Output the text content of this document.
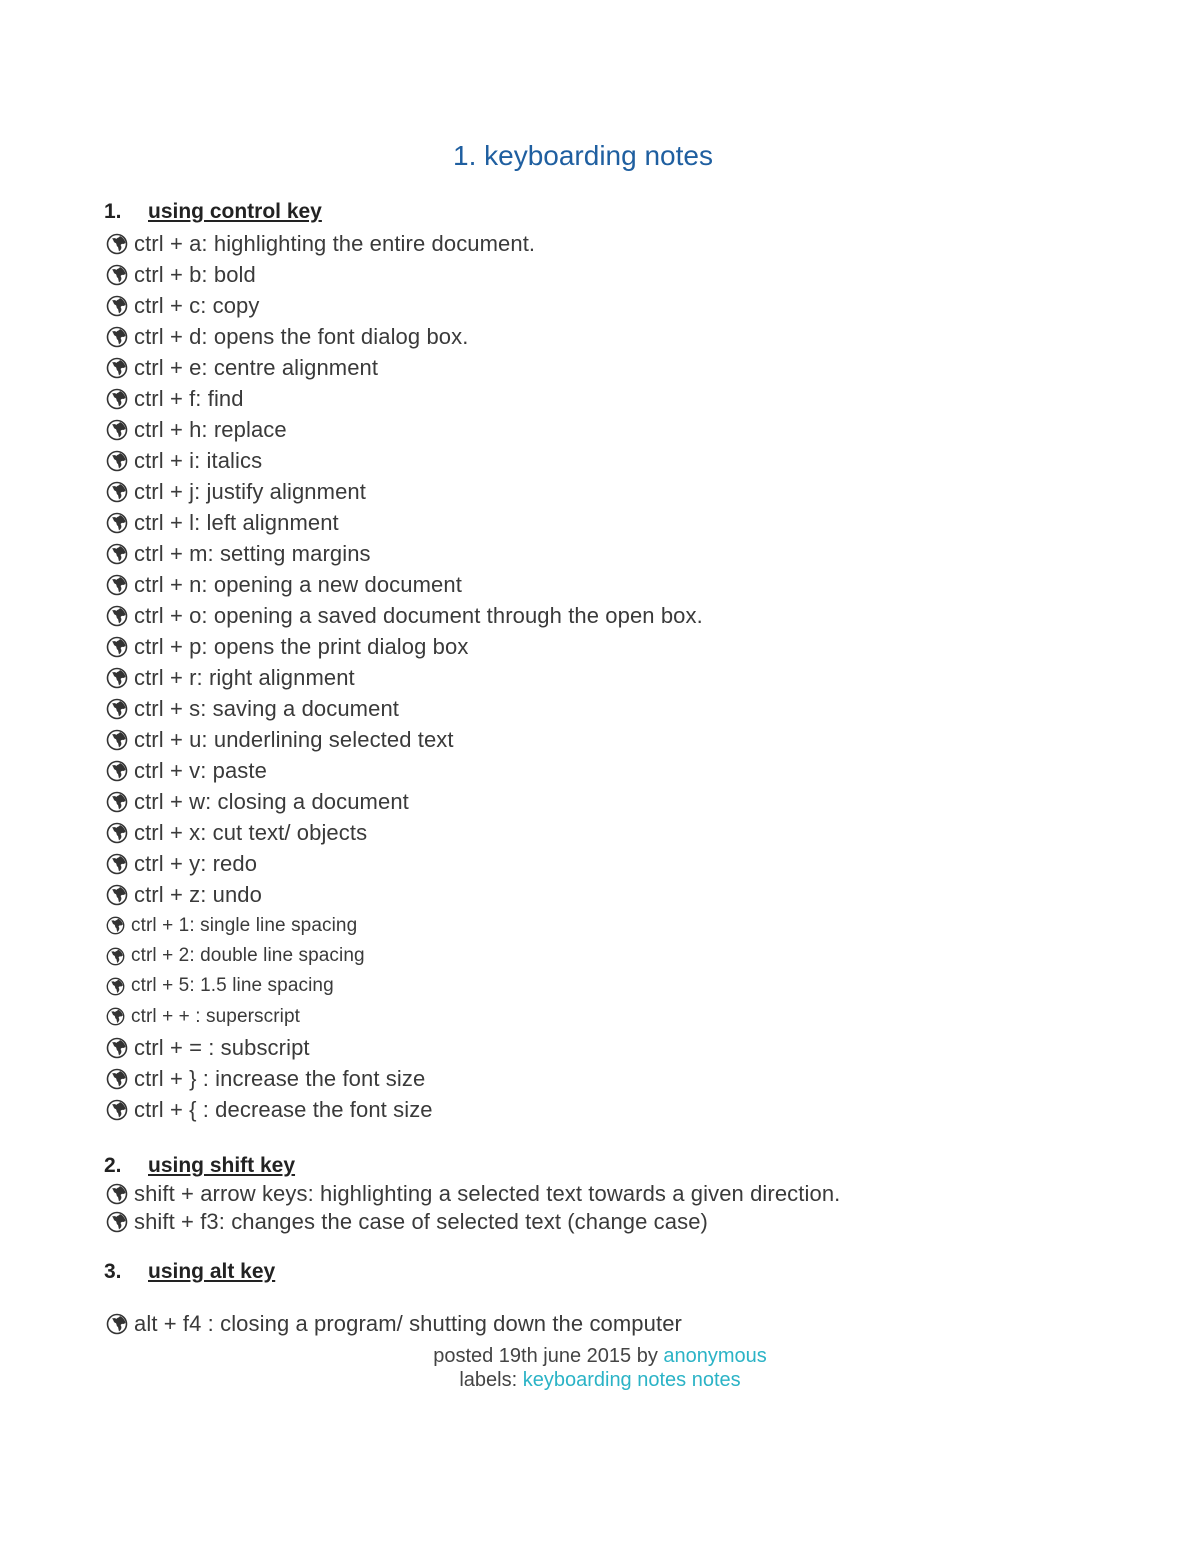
1. keyboarding notes
1.	using control key
ctrl + a: highlighting the entire document.
ctrl + b: bold
ctrl + c: copy
ctrl + d: opens the font dialog box.
ctrl + e: centre alignment
ctrl + f: find
ctrl + h: replace
ctrl + i: italics
ctrl + j: justify alignment
ctrl + l: left alignment
ctrl + m: setting margins
ctrl + n: opening a new document
ctrl + o: opening a saved document through the open box.
ctrl + p: opens the print dialog box
ctrl + r: right alignment
ctrl + s: saving a document
ctrl + u: underlining selected text
ctrl + v: paste
ctrl + w: closing a document
ctrl + x: cut text/ objects
ctrl + y: redo
ctrl + z: undo
ctrl + 1: single line spacing
ctrl + 2: double line spacing
ctrl + 5: 1.5 line spacing
ctrl + + : superscript
ctrl + = : subscript
ctrl + } : increase the font size
ctrl + { : decrease the font size
2.	using shift key
shift + arrow keys: highlighting a selected text towards a given direction.
shift + f3: changes the case of selected text (change case)
3.	using alt key
alt + f4 : closing a program/ shutting down the computer
posted 19th june 2015 by anonymous
labels: keyboarding notes notes
